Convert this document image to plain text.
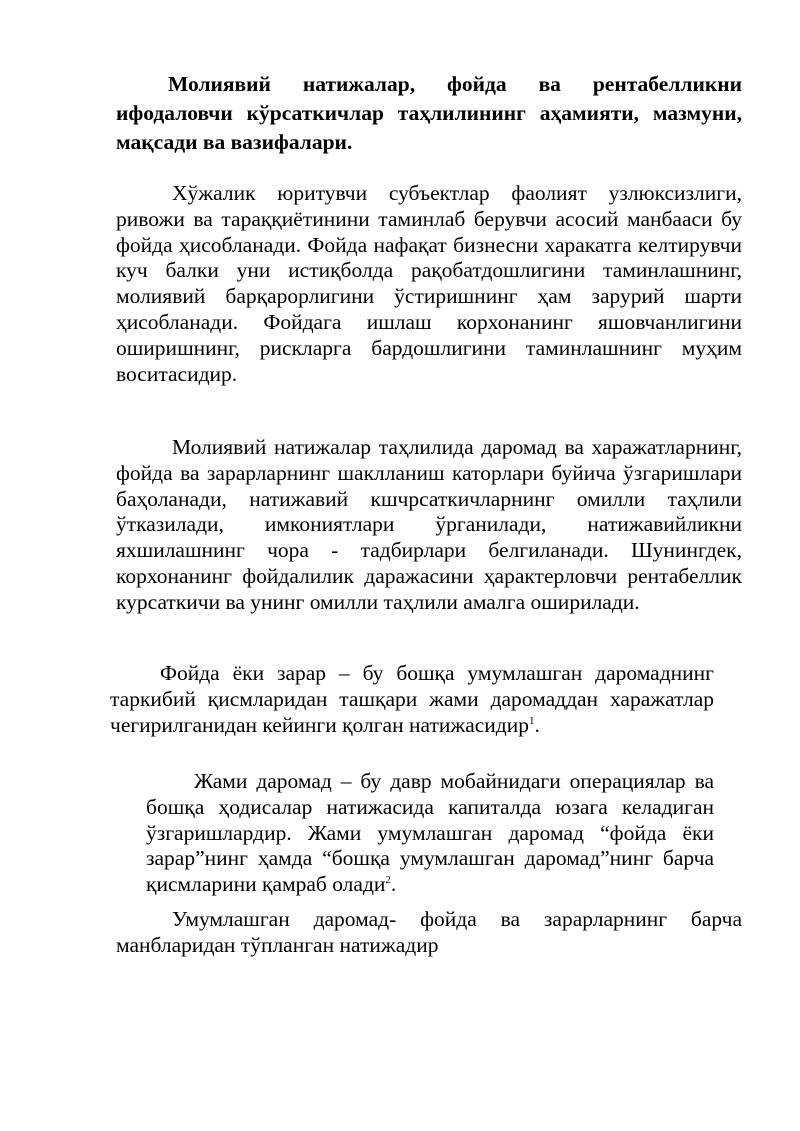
Молиявий натижалар, фойда ва рентабелликни ифодаловчи кўрсаткичлар таҳлилининг аҳамияти, мазмуни, мақсади ва вазифалари.

Хўжалик юритувчи субъектлар фаолият узлюксизлиги, ривожи ва тараққиётинини таминлаб берувчи асосий манбааси бу фойда ҳисобланади. Фойда нафақат бизнесни харакатга келтирувчи куч балки уни истиқболда рақобатдошлигини таминлашнинг, молиявий барқарорлигини ўстиришнинг ҳам зарурий шарти ҳисобланади. Фойдага ишлаш корхонанинг яшовчанлигини оширишнинг, рискларга бардошлигини таминлашнинг муҳим воситасидир.

Молиявий натижалар таҳлилида даромад ва харажатларнинг, фойда ва зарарларнинг шаклланиш каторлари буйича ўзгаришлари баҳоланади, натижавий кшчрсаткичларнинг омилли таҳлили ўтказилади, имкониятлари ўрганилади, натижавийликни яхшилашнинг чора - тадбирлари белгиланади. Шунингдек, корхонанинг фойдалилик даражасини ҳарактерловчи рентабеллик курсаткичи ва унинг омилли таҳлили амалга оширилади.

Фойда ёки зарар – бу бошқа умумлашган даромаднинг таркибий қисмларидан ташқари жами даромаддан харажатлар чегирилганидан кейинги қолган натижасидир$^1$.

Жами даромад – бу давр мобайнидаги операциялар ва бошқа ҳодисалар натижасида капиталда юзага келадиган ўзгаришлардир. Жами умумлашган даромад “фойда ёки зарар”нинг ҳамда “бошқа умумлашган даромад”нинг барча қисмларини қамраб олади$^2$.

Умумлашган даромад- фойда ва зарарларнинг барча манбларидан тўпланган натижадир
